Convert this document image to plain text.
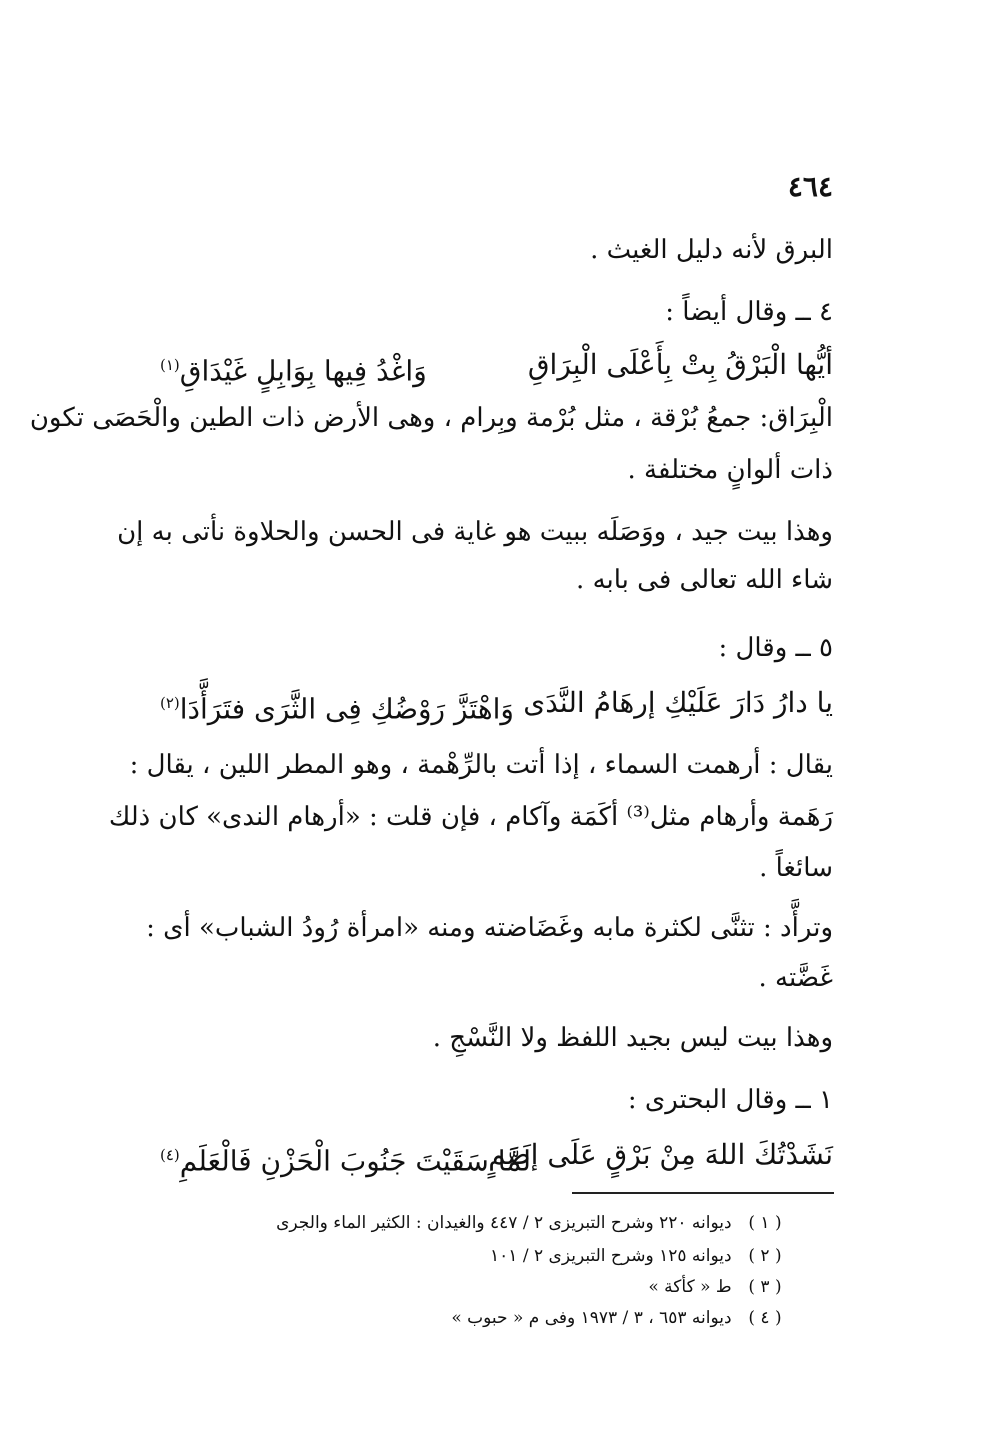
٤٦٤
البرق لأنه دليل الغيث .
٤ ــ وقال أيضاً :
أيُّها الْبَرْقُ بِتْ بِأَعْلَى الْبِرَاقِ
وَاغْدُ فِيها بِوَابِلٍ غَيْدَاقِ$^{(١)}$
الْبِرَاق: جمعُ بُرْقة ، مثل بُرْمة وبِرام ، وهى الأرض ذات الطين والْحَصَى تكون
ذات ألوانٍ مختلفة .
وهذا بيت جيد ، ووَصَلَه ببيت هو غاية فى الحسن والحلاوة نأتى به إن
شاء الله تعالى فى بابه .
٥ ــ وقال :
يا دارُ دَارَ عَلَيْكِ إرهَامُ النَّدَى
وَاهْتَزَّ رَوْضُكِ فِى الثَّرَى فتَرَأَّدَا$^{(٢)}$
يقال : أرهمت السماء ، إذا أتت بالرِّهْمة ، وهو المطر اللين ، يقال :
رَهَمة وأرهام مثل⁽³⁾ أكَمَة وآكام ، فإن قلت : «أرهام الندى» كان ذلك
سائغاً .
وترأَّد : تثنَّى لكثرة مابه وغَضَاضته ومنه «امرأة رُودُ الشباب» أى :
غَضَّته .
وهذا بيت ليس بجيد اللفظ ولا النَّسْجِ .
١ ــ وقال البحترى :
نَشَدْتُكَ اللهَ مِنْ بَرْقٍ عَلَى إضَمٍ
لَمَّا سَقَيْتَ جَنُوبَ الْحَزْنِ فَالْعَلَمِ$^{(٤)}$
( ١ ) ديوانه ٢٢٠ وشرح التبريزى ٢ / ٤٤٧ والغيدان : الكثير الماء والجرى
( ٢ ) ديوانه ١٢٥ وشرح التبريزى ٢ / ١٠١
( ٣ ) ط « كأكة »
( ٤ ) ديوانه ٦٥٣ ، ٣ / ١٩٧٣ وفى م « حبوب »
